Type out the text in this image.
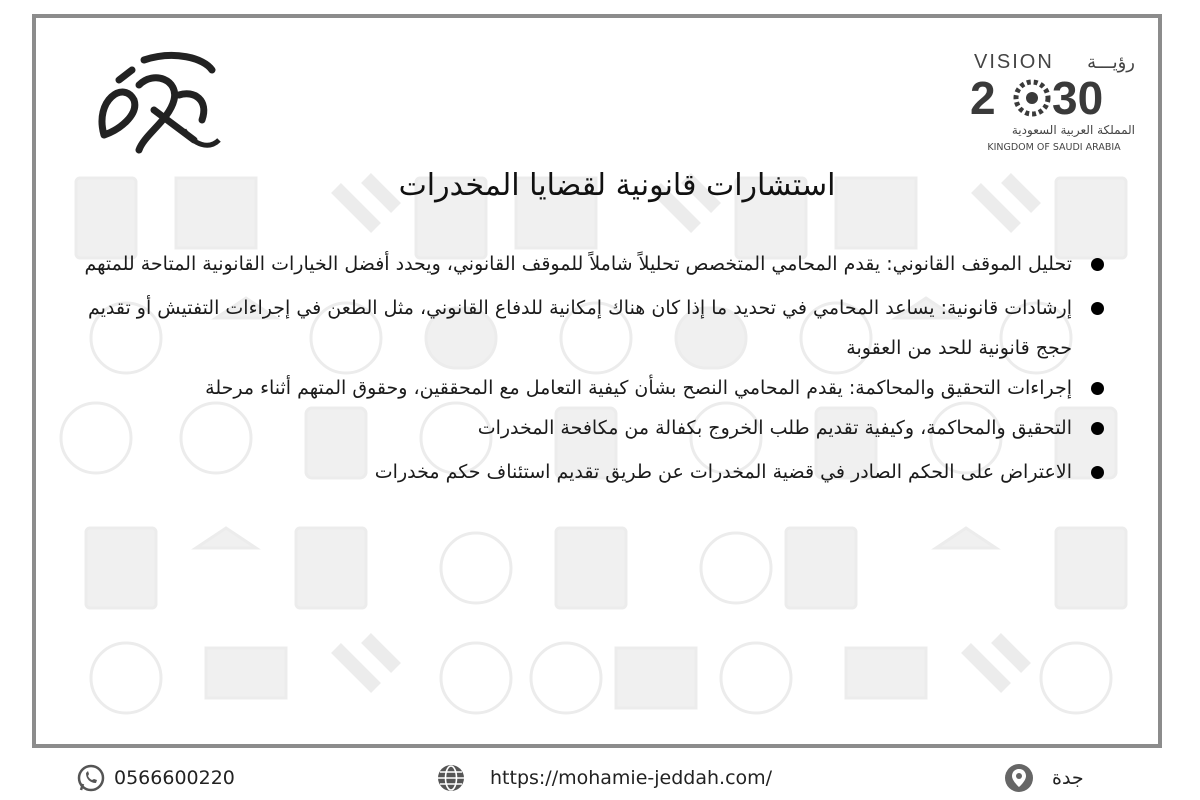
VISION رؤيـــة
2 30
المملكة العربية السعودية
KINGDOM OF SAUDI ARABIA
استشارات قانونية لقضايا المخدرات
تحليل الموقف القانوني: يقدم المحامي المتخصص تحليلاً شاملاً للموقف القانوني، ويحدد أفضل الخيارات القانونية المتاحة للمتهم
إرشادات قانونية: يساعد المحامي في تحديد ما إذا كان هناك إمكانية للدفاع القانوني، مثل الطعن في إجراءات التفتيش أو تقديم حجج قانونية للحد من العقوبة
إجراءات التحقيق والمحاكمة: يقدم المحامي النصح بشأن كيفية التعامل مع المحققين، وحقوق المتهم أثناء مرحلة
التحقيق والمحاكمة، وكيفية تقديم طلب الخروج بكفالة من مكافحة المخدرات
الاعتراض على الحكم الصادر في قضية المخدرات عن طريق تقديم استئناف حكم مخدرات
0566600220	https://mohamie-jeddah.com/	جدة
